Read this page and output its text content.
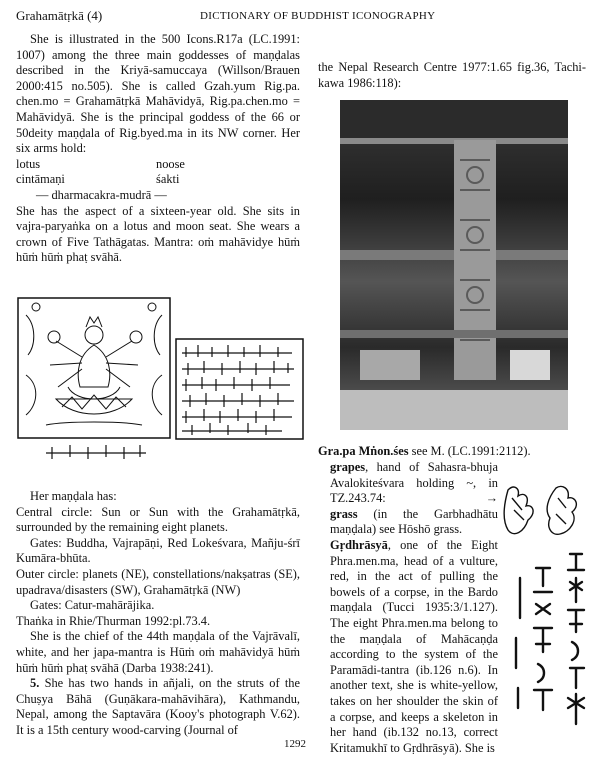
Grahamātṛkā (4)	DICTIONARY OF BUDDHIST ICONOGRAPHY

She is illustrated in the 500 Icons.R17a (LC.1991: 1007) among the three main goddesses of maṇḍalas described in the Kriyā-samuccaya (Willson/Brauen 2000:415 no.505). She is called Gzah.yum Rig.pa. chen.mo = Grahamātṛkā Mahāvidyā, Rig.pa.chen.mo = Mahāvidyā. She is the principal goddess of the 66 or 50deity maṇḍala of Rig.byed.ma in its NW corner. Her six arms hold:

lotus	noose

cintāmaṇi	śakti

— dharmacakra-mudrā —

She has the aspect of a sixteen-year old. She sits in vajra-paryaṅka on a lotus and moon seat. She wears a crown of Five Tathāgatas. Mantra: oṁ mahāvidye hūṁ hūṁ hūṁ phaṭ svāhā.

Her maṇḍala has:

Central circle: Sun or Sun with the Grahamātṛkā, surrounded by the remaining eight planets.

Gates: Buddha, Vajrapāṇi, Red Lokeśvara, Mañju-śrī Kumāra-bhūta.

Outer circle: planets (NE), constellations/nakṣatras (SE), upadrava/disasters (SW), Grahamātṛkā (NW)

Gates: Catur-mahārājika.

Thaṅka in Rhie/Thurman 1992:pl.73.4.

She is the chief of the 44th maṇḍala of the Vajrāvalī, white, and her japa-mantra is Hūṁ oṁ mahāvidyā hūṁ hūṁ hūṁ phaṭ svāhā (Darba 1938:241).

5. She has two hands in añjali, on the struts of the Chuṣya Bāhā (Guṇākara-mahāvihāra), Kathmandu, Nepal, among the Saptavāra (Kooy's photograph V.62). It is a 15th century wood-carving (Journal of

the Nepal Research Centre 1977:1.65 fig.36, Tachi-kawa 1986:118):

Gra.pa Mṅon.śes see M. (LC.1991:2112).

grapes, hand of Sahasra-bhuja Avalokiteśvara holding ~, in TZ.243.74:	→

grass (in the Garbhadhātu maṇḍala) see Hōshō grass.

Gṛdhrāsyā, one of the Eight Phra.men.ma, head of a vulture, red, in the act of pulling the bowels of a corpse, in the Bardo maṇḍala (Tucci 1935:3/1.127). The eight Phra.men.ma belong to the maṇḍala of Mahācaṇḍa according to the system of the Paramādi-tantra (ib.126 n.6). In another text, she is white-yellow, takes on her shoulder the skin of a corpse, and keeps a skeleton in her hand (ib.132 no.13, correct Kritamukhī to Gṛdhrāsyā). She is

1292
